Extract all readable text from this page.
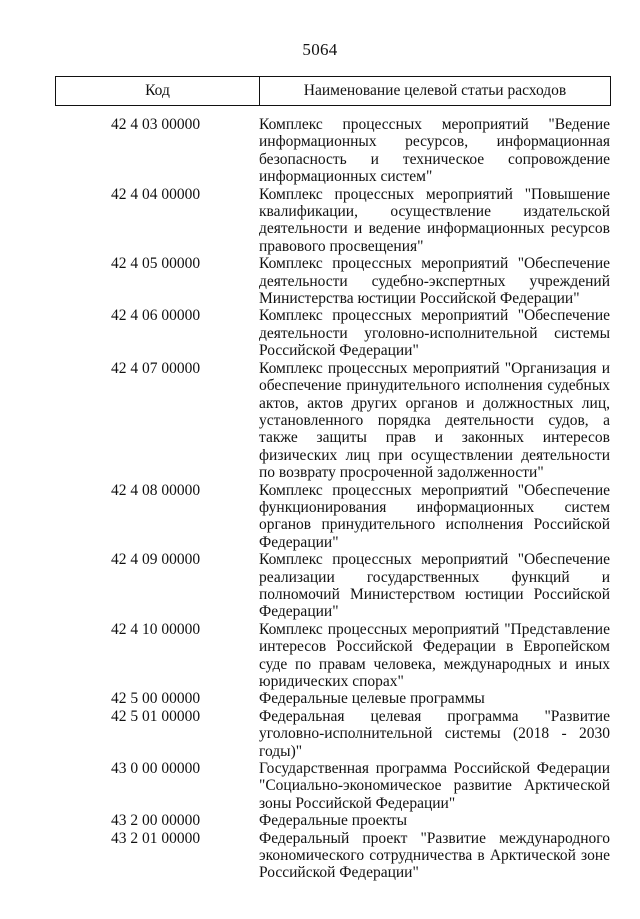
5064
Код	Наименование целевой статьи расходов
42 4 03 00000	Комплекс процессных мероприятий "Ведение информационных ресурсов, информационная безопасность и техническое сопровождение информационных систем"
42 4 04 00000	Комплекс процессных мероприятий "Повышение квалификации, осуществление издательской деятельности и ведение информационных ресурсов правового просвещения"
42 4 05 00000	Комплекс процессных мероприятий "Обеспечение деятельности судебно-экспертных учреждений Министерства юстиции Российской Федерации"
42 4 06 00000	Комплекс процессных мероприятий "Обеспечение деятельности уголовно-исполнительной системы Российской Федерации"
42 4 07 00000	Комплекс процессных мероприятий "Организация и обеспечение принудительного исполнения судебных актов, актов других органов и должностных лиц, установленного порядка деятельности судов, а также защиты прав и законных интересов физических лиц при осуществлении деятельности по возврату просроченной задолженности"
42 4 08 00000	Комплекс процессных мероприятий "Обеспечение функционирования информационных систем органов принудительного исполнения Российской Федерации"
42 4 09 00000	Комплекс процессных мероприятий "Обеспечение реализации государственных функций и полномочий Министерством юстиции Российской Федерации"
42 4 10 00000	Комплекс процессных мероприятий "Представление интересов Российской Федерации в Европейском суде по правам человека, международных и иных юридических спорах"
42 5 00 00000	Федеральные целевые программы
42 5 01 00000	Федеральная целевая программа "Развитие уголовно-исполнительной системы (2018 - 2030 годы)"
43 0 00 00000	Государственная программа Российской Федерации "Социально-экономическое развитие Арктической зоны Российской Федерации"
43 2 00 00000	Федеральные проекты
43 2 01 00000	Федеральный проект "Развитие международного экономического сотрудничества в Арктической зоне Российской Федерации"
